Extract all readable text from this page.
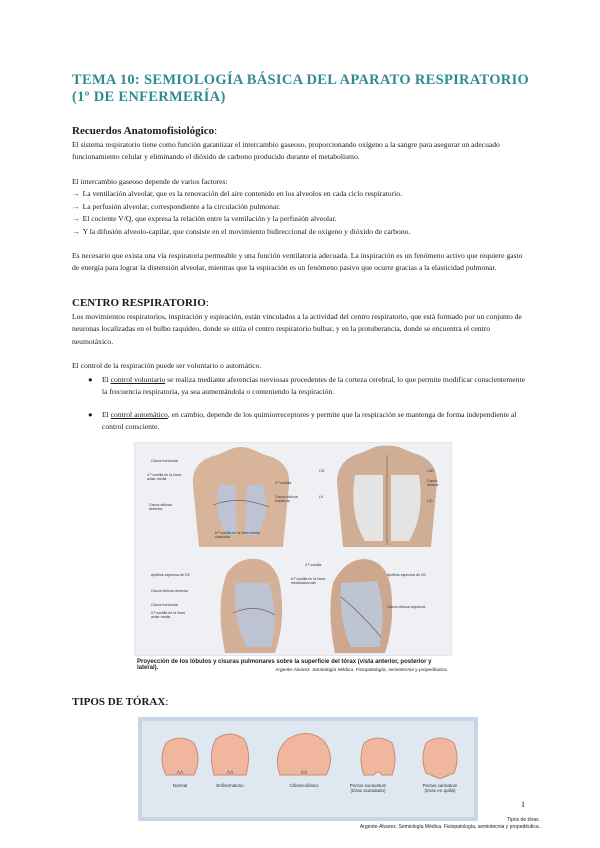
TEMA 10: SEMIOLOGÍA BÁSICA DEL APARATO RESPIRATORIO (1º DE ENFERMERÍA)
Recuerdos Anatomofisiológico:

El sistema respiratorio tiene como función garantizar el intercambio gaseoso, proporcionando oxígeno a la sangre para asegurar un adecuado funcionamiento celular y eliminando el dióxido de carbono producido durante el metabolismo.

El intercambio gaseoso depende de varios factores:

→ La ventilación alveolar, que es la renovación del aire contenido en los alveolos en cada ciclo respiratorio.

→ La perfusión alveolar, correspondiente a la circulación pulmonar.

→ El cociente V/Q, que expresa la relación entre la ventilación y la perfusión alveolar.

→ Y la difusión alveolo-capilar, que consiste en el movimiento bidireccional de oxígeno y dióxido de carbono.

Es necesario que exista una vía respiratoria permeable y una función ventilatoria adecuada. La inspiración es un fenómeno activo que requiere gasto de energía para lograr la distensión alveolar, mientras que la espiración es un fenómeno pasivo que ocurre gracias a la elasticidad pulmonar.

CENTRO RESPIRATORIO:

Los movimientos respiratorios, inspiración y espiración, están vinculados a la actividad del centro respiratorio, que está formado por un conjunto de neuronas localizadas en el bulbo raquídeo, donde se sitúa el centro respiratorio bulbar, y en la protuberancia, donde se encuentra el centro neumotáxico.

El control de la respiración puede ser voluntario o automático.

● El control voluntario se realiza mediante aferencias nerviosas procedentes de la corteza cerebral, lo que permite modificar conscientemente la frecuencia respiratoria, ya sea aumentándola o conteniendo la respiración.
● El control automático, en cambio, depende de los quimiorreceptores y permite que la respiración se mantenga de forma independiente al control consciente.
Cisura horizontal
4.ª costilla en la línea axilar media
Cisura oblicua derecha
4.ª costilla
Cisura oblicua izquierda
6.ª costilla en la línea media clavicular
LSI	LSD
Cisura oblicua
LII
LID
Apófisis espinosa de D3
Cisura oblicua derecha
Cisura horizontal
5.ª costilla en la línea axilar media
4.ª costilla
6.ª costilla en la línea medioclavicular
Apófisis espinosa de D3
Cisura oblicua izquierda
Proyección de los lóbulos y cisuras pulmonares sobre la superficie del tórax (vista anterior, posterior y lateral).	Argente-Álvarez. Semiología Médica. Fisiopatología, semiotecnia y propedéutica.
TIPOS DE TÓRAX:
ꓥꓥ	ꓥꓥ	ꓥꓥ
Normal	Enfisematoso	Cifoescoliótico	Pectus excavatum (tórax acanalado)
Pectus carinatum (tórax en quilla)
1
Tipos de tórax.
Argente-Álvarez. Semiología Médica. Fisiopatología, semiotecnia y propedéutica.
